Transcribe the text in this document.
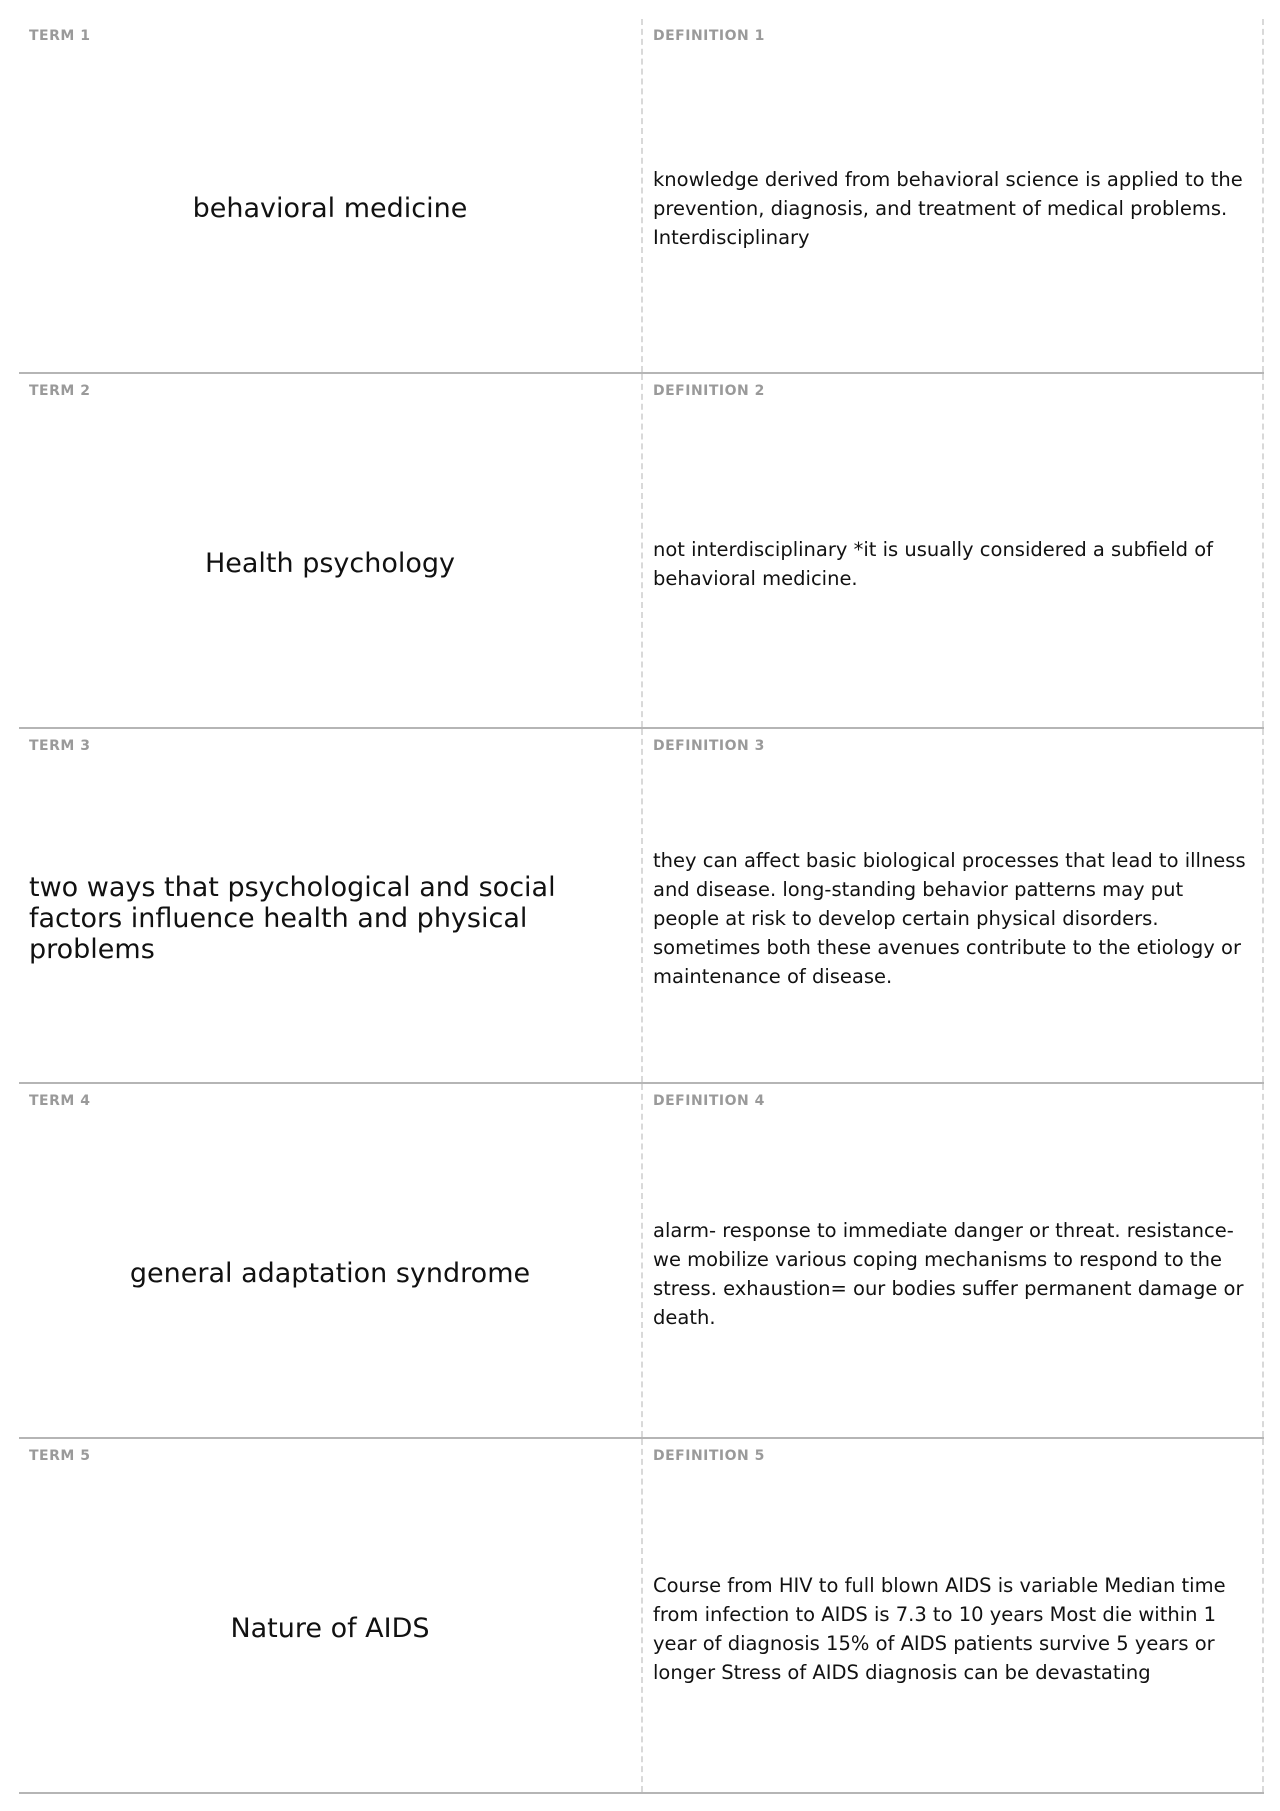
TERM 1
behavioral medicine
DEFINITION 1
knowledge derived from behavioral science is applied to the prevention, diagnosis, and treatment of medical problems. Interdisciplinary
TERM 2
Health psychology
DEFINITION 2
not interdisciplinary *it is usually considered a subfield of behavioral medicine.
TERM 3
two ways that psychological and social factors influence health and physical problems
DEFINITION 3
they can affect basic biological processes that lead to illness and disease. long-standing behavior patterns may put people at risk to develop certain physical disorders. sometimes both these avenues contribute to the etiology or maintenance of disease.
TERM 4
general adaptation syndrome
DEFINITION 4
alarm- response to immediate danger or threat. resistance- we mobilize various coping mechanisms to respond to the stress. exhaustion= our bodies suffer permanent damage or death.
TERM 5
Nature of AIDS
DEFINITION 5
Course from HIV to full blown AIDS is variable Median time from infection to AIDS is 7.3 to 10 years Most die within 1 year of diagnosis 15% of AIDS patients survive 5 years or longer Stress of AIDS diagnosis can be devastating
